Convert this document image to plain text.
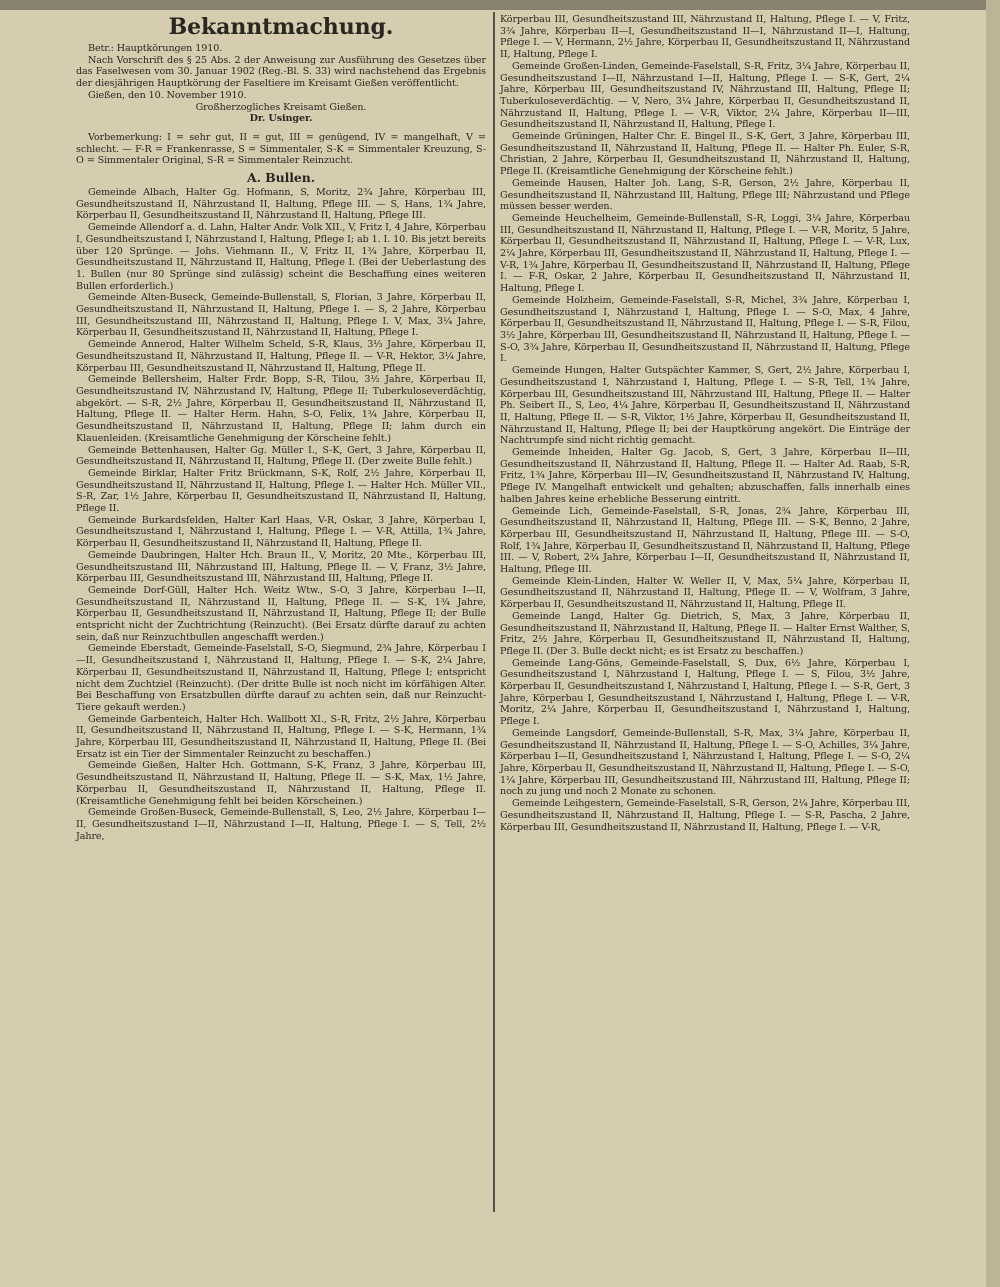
Bekanntmachung.

Betr.: Hauptkörungen 1910.

Nach Vorschrift des § 25 Abs. 2 der Anweisung zur Ausführung des Gesetzes über das Faselwesen vom 30. Januar 1902 (Reg.-Bl. S. 33) wird nachstehend das Ergebnis der diesjährigen Hauptkörung der Faseltiere im Kreisamt Gießen veröffentlicht.

Gießen, den 10. November 1910.

Großherzogliches Kreisamt Gießen.

Dr. Usinger.

Vorbemerkung: I = sehr gut, II = gut, III = genügend, IV = mangelhaft, V = schlecht. — F-R = Frankenrasse, S = Simmentaler, S-K = Simmentaler Kreuzung, S-O = Simmentaler Original, S-R = Simmentaler Reinzucht.

A. Bullen.

Gemeinde Albach, Halter Gg. Hofmann, S, Moritz, 2¾ Jahre, Körperbau III, Gesundheitszustand II, Nährzustand II, Haltung, Pflege III. — S, Hans, 1¾ Jahre, Körperbau II, Gesundheitszustand II, Nährzustand II, Haltung, Pflege III.

Gemeinde Allendorf a. d. Lahn, Halter Andr. Volk XII., V, Fritz I, 4 Jahre, Körperbau I, Gesundheitszustand I, Nährzustand I, Haltung, Pflege I; ab 1. I. 10. Bis jetzt bereits über 120 Sprünge. — Johs. Viehmann II., V, Fritz II, 1¾ Jahre, Körperbau II, Gesundheitszustand II, Nährzustand II, Haltung, Pflege I. (Bei der Ueberlastung des 1. Bullen (nur 80 Sprünge sind zulässig) scheint die Beschaffung eines weiteren Bullen erforderlich.)

Gemeinde Alten-Buseck, Gemeinde-Bullenstall, S, Florian, 3 Jahre, Körperbau II, Gesundheitszustand II, Nährzustand II, Haltung, Pflege I. — S, 2 Jahre, Körperbau III, Gesundheitszustand III, Nährzustand II, Haltung, Pflege I. V, Max, 3¼ Jahre, Körperbau II, Gesundheitszustand II, Nährzustand II, Haltung, Pflege I.

Gemeinde Annerod, Halter Wilhelm Scheld, S-R, Klaus, 3⅓ Jahre, Körperbau II, Gesundheitszustand II, Nährzustand II, Haltung, Pflege II. — V-R, Hektor, 3¼ Jahre, Körperbau III, Gesundheitszustand II, Nährzustand II, Haltung, Pflege II.

Gemeinde Bellersheim, Halter Frdr. Bopp, S-R, Tilou, 3½ Jahre, Körperbau II, Gesundheitszustand IV, Nährzustand IV, Haltung, Pflege II; Tuberkuloseverdächtig, abgekört. — S-R, 2½ Jahre, Körperbau II, Gesundheitszustand II, Nährzustand II, Haltung, Pflege II. — Halter Herm. Hahn, S-O, Felix, 1¾ Jahre, Körperbau II, Gesundheitszustand II, Nährzustand II, Haltung, Pflege II; lahm durch ein Klauenleiden. (Kreisamtliche Genehmigung der Körscheine fehlt.)

Gemeinde Bettenhausen, Halter Gg. Müller I., S-K, Gert, 3 Jahre, Körperbau II, Gesundheitszustand II, Nährzustand II, Haltung, Pflege II. (Der zweite Bulle fehlt.)

Gemeinde Birklar, Halter Fritz Brückmann, S-K, Rolf, 2½ Jahre, Körperbau II, Gesundheitszustand II, Nährzustand II, Haltung, Pflege I. — Halter Hch. Müller VII., S-R, Zar, 1½ Jahre, Körperbau II, Gesundheitszustand II, Nährzustand II, Haltung, Pflege II.

Gemeinde Burkardsfelden, Halter Karl Haas, V-R, Oskar, 3 Jahre, Körperbau I, Gesundheitszustand I, Nährzustand I, Haltung, Pflege I. — V-R, Attilla, 1¾ Jahre, Körperbau II, Gesundheitszustand II, Nährzustand II, Haltung, Pflege II.

Gemeinde Daubringen, Halter Hch. Braun II., V, Moritz, 20 Mte., Körperbau III, Gesundheitszustand III, Nährzustand III, Haltung, Pflege II. — V, Franz, 3½ Jahre, Körperbau III, Gesundheitszustand III, Nährzustand III, Haltung, Pflege II.

Gemeinde Dorf-Güll, Halter Hch. Weitz Wtw., S-O, 3 Jahre, Körperbau I—II, Gesundheitszustand II, Nährzustand II, Haltung, Pflege II. — S-K, 1¾ Jahre, Körperbau II, Gesundheitszustand II, Nährzustand II, Haltung, Pflege II; der Bulle entspricht nicht der Zuchtrichtung (Reinzucht). (Bei Ersatz dürfte darauf zu achten sein, daß nur Reinzuchtbullen angeschafft werden.)

Gemeinde Eberstadt, Gemeinde-Faselstall, S-O, Siegmund, 2¾ Jahre, Körperbau I—II, Gesundheitszustand I, Nährzustand II, Haltung, Pflege I. — S-K, 2¼ Jahre, Körperbau II, Gesundheitszustand II, Nährzustand II, Haltung, Pflege I; entspricht nicht dem Zuchtziel (Reinzucht). (Der dritte Bulle ist noch nicht im körfähigen Alter. Bei Beschaffung von Ersatzbullen dürfte darauf zu achten sein, daß nur Reinzucht-Tiere gekauft werden.)

Gemeinde Garbenteich, Halter Hch. Wallbott XI., S-R, Fritz, 2½ Jahre, Körperbau II, Gesundheitszustand II, Nährzustand II, Haltung, Pflege I. — S-K, Hermann, 1¾ Jahre, Körperbau III, Gesundheitszustand II, Nährzustand II, Haltung, Pflege II. (Bei Ersatz ist ein Tier der Simmentaler Reinzucht zu beschaffen.)

Gemeinde Gießen, Halter Hch. Gottmann, S-K, Franz, 3 Jahre, Körperbau III, Gesundheitszustand II, Nährzustand II, Haltung, Pflege II. — S-K, Max, 1½ Jahre, Körperbau II, Gesundheitszustand II, Nährzustand II, Haltung, Pflege II. (Kreisamtliche Genehmigung fehlt bei beiden Körscheinen.)

Gemeinde Großen-Buseck, Gemeinde-Bullenstall, S, Leo, 2½ Jahre, Körperbau I—II, Gesundheitszustand I—II, Nährzustand I—II, Haltung, Pflege I. — S, Tell, 2½ Jahre,

Körperbau III, Gesundheitszustand III, Nährzustand II, Haltung, Pflege I. — V, Fritz, 3¾ Jahre, Körperbau II—I, Gesundheitszustand II—I, Nährzustand II—I, Haltung, Pflege I. — V, Hermann, 2½ Jahre, Körperbau II, Gesundheitszustand II, Nährzustand II, Haltung, Pflege I.

Gemeinde Großen-Linden, Gemeinde-Faselstall, S-R, Fritz, 3¼ Jahre, Körperbau II, Gesundheitszustand I—II, Nährzustand I—II, Haltung, Pflege I. — S-K, Gert, 2¼ Jahre, Körperbau III, Gesundheitszustand IV, Nährzustand III, Haltung, Pflege II; Tuberkuloseverdächtig. — V, Nero, 3¼ Jahre, Körperbau II, Gesundheitszustand II, Nährzustand II, Haltung, Pflege I. — V-R, Viktor, 2¼ Jahre, Körperbau II—III, Gesundheitszustand II, Nährzustand II, Haltung, Pflege I.

Gemeinde Grüningen, Halter Chr. E. Bingel II., S-K, Gert, 3 Jahre, Körperbau III, Gesundheitszustand II, Nährzustand II, Haltung, Pflege II. — Halter Ph. Euler, S-R, Christian, 2 Jahre, Körperbau II, Gesundheitszustand II, Nährzustand II, Haltung, Pflege II. (Kreisamtliche Genehmigung der Körscheine fehlt.)

Gemeinde Hausen, Halter Joh. Lang, S-R, Gerson, 2½ Jahre, Körperbau II, Gesundheitszustand II, Nährzustand III, Haltung, Pflege III; Nährzustand und Pflege müssen besser werden.

Gemeinde Heuchelheim, Gemeinde-Bullenstall, S-R, Loggi, 3¼ Jahre, Körperbau III, Gesundheitszustand II, Nährzustand II, Haltung, Pflege I. — V-R, Moritz, 5 Jahre, Körperbau II, Gesundheitszustand II, Nährzustand II, Haltung, Pflege I. — V-R, Lux, 2¼ Jahre, Körperbau III, Gesundheitszustand II, Nährzustand II, Haltung, Pflege I. — V-R, 1¾ Jahre, Körperbau II, Gesundheitszustand II, Nährzustand II, Haltung, Pflege I. — F-R, Oskar, 2 Jahre, Körperbau II, Gesundheitszustand II, Nährzustand II, Haltung, Pflege I.

Gemeinde Holzheim, Gemeinde-Faselstall, S-R, Michel, 3¾ Jahre, Körperbau I, Gesundheitszustand I, Nährzustand I, Haltung, Pflege I. — S-O, Max, 4 Jahre, Körperbau II, Gesundheitszustand II, Nährzustand II, Haltung, Pflege I. — S-R, Filou, 3½ Jahre, Körperbau III, Gesundheitszustand II, Nährzustand II, Haltung, Pflege I. — S-O, 3¾ Jahre, Körperbau II, Gesundheitszustand II, Nährzustand II, Haltung, Pflege I.

Gemeinde Hungen, Halter Gutspächter Kammer, S, Gert, 2½ Jahre, Körperbau I, Gesundheitszustand I, Nährzustand I, Haltung, Pflege I. — S-R, Tell, 1¾ Jahre, Körperbau III, Gesundheitszustand III, Nährzustand III, Haltung, Pflege II. — Halter Ph. Seibert II., S, Leo, 4¼ Jahre, Körperbau II, Gesundheitszustand II, Nährzustand II, Haltung, Pflege II. — S-R, Viktor, 1½ Jahre, Körperbau II, Gesundheitszustand II, Nährzustand II, Haltung, Pflege II; bei der Hauptkörung angekört. Die Einträge der Nachtrumpfe sind nicht richtig gemacht.

Gemeinde Inheiden, Halter Gg. Jacob, S, Gert, 3 Jahre, Körperbau II—III, Gesundheitszustand II, Nährzustand II, Haltung, Pflege II. — Halter Ad. Raab, S-R, Fritz, 1¾ Jahre, Körperbau III—IV, Gesundheitszustand II, Nährzustand IV, Haltung, Pflege IV. Mangelhaft entwickelt und gehalten; abzuschaffen, falls innerhalb eines halben Jahres keine erhebliche Besserung eintritt.

Gemeinde Lich, Gemeinde-Faselstall, S-R, Jonas, 2¾ Jahre, Körperbau III, Gesundheitszustand II, Nährzustand II, Haltung, Pflege III. — S-K, Benno, 2 Jahre, Körperbau III, Gesundheitszustand II, Nährzustand II, Haltung, Pflege III. — S-O, Rolf, 1¾ Jahre, Körperbau II, Gesundheitszustand II, Nährzustand II, Haltung, Pflege III. — V, Robert, 2¾ Jahre, Körperbau I—II, Gesundheitszustand II, Nährzustand II, Haltung, Pflege III.

Gemeinde Klein-Linden, Halter W. Weller II, V, Max, 5¼ Jahre, Körperbau II, Gesundheitszustand II, Nährzustand II, Haltung, Pflege II. — V, Wolfram, 3 Jahre, Körperbau II, Gesundheitszustand II, Nährzustand II, Haltung, Pflege II.

Gemeinde Langd, Halter Gg. Dietrich, S, Max, 3 Jahre, Körperbau II, Gesundheitszustand II, Nährzustand II, Haltung, Pflege II. — Halter Ernst Walther, S, Fritz, 2½ Jahre, Körperbau II, Gesundheitszustand II, Nährzustand II, Haltung, Pflege II. (Der 3. Bulle deckt nicht; es ist Ersatz zu beschaffen.)

Gemeinde Lang-Göns, Gemeinde-Faselstall, S, Dux, 6½ Jahre, Körperbau I, Gesundheitszustand I, Nährzustand I, Haltung, Pflege I. — S, Filou, 3½ Jahre, Körperbau II, Gesundheitszustand I, Nährzustand I, Haltung, Pflege I. — S-R, Gert, 3 Jahre, Körperbau I, Gesundheitszustand I, Nährzustand I, Haltung, Pflege I. — V-R, Moritz, 2¼ Jahre, Körperbau II, Gesundheitszustand I, Nährzustand I, Haltung, Pflege I.

Gemeinde Langsdorf, Gemeinde-Bullenstall, S-R, Max, 3¼ Jahre, Körperbau II, Gesundheitszustand II, Nährzustand II, Haltung, Pflege I. — S-O, Achilles, 3¼ Jahre, Körperbau I—II, Gesundheitszustand I, Nährzustand I, Haltung, Pflege I. — S-O, 2¼ Jahre, Körperbau II, Gesundheitszustand II, Nährzustand II, Haltung, Pflege I. — S-O, 1¼ Jahre, Körperbau III, Gesundheitszustand III, Nährzustand III, Haltung, Pflege II; noch zu jung und noch 2 Monate zu schonen.

Gemeinde Leihgestern, Gemeinde-Faselstall, S-R, Gerson, 2¼ Jahre, Körperbau III, Gesundheitszustand II, Nährzustand II, Haltung, Pflege I. — S-R, Pascha, 2 Jahre, Körperbau III, Gesundheitszustand II, Nährzustand II, Haltung, Pflege I. — V-R,
